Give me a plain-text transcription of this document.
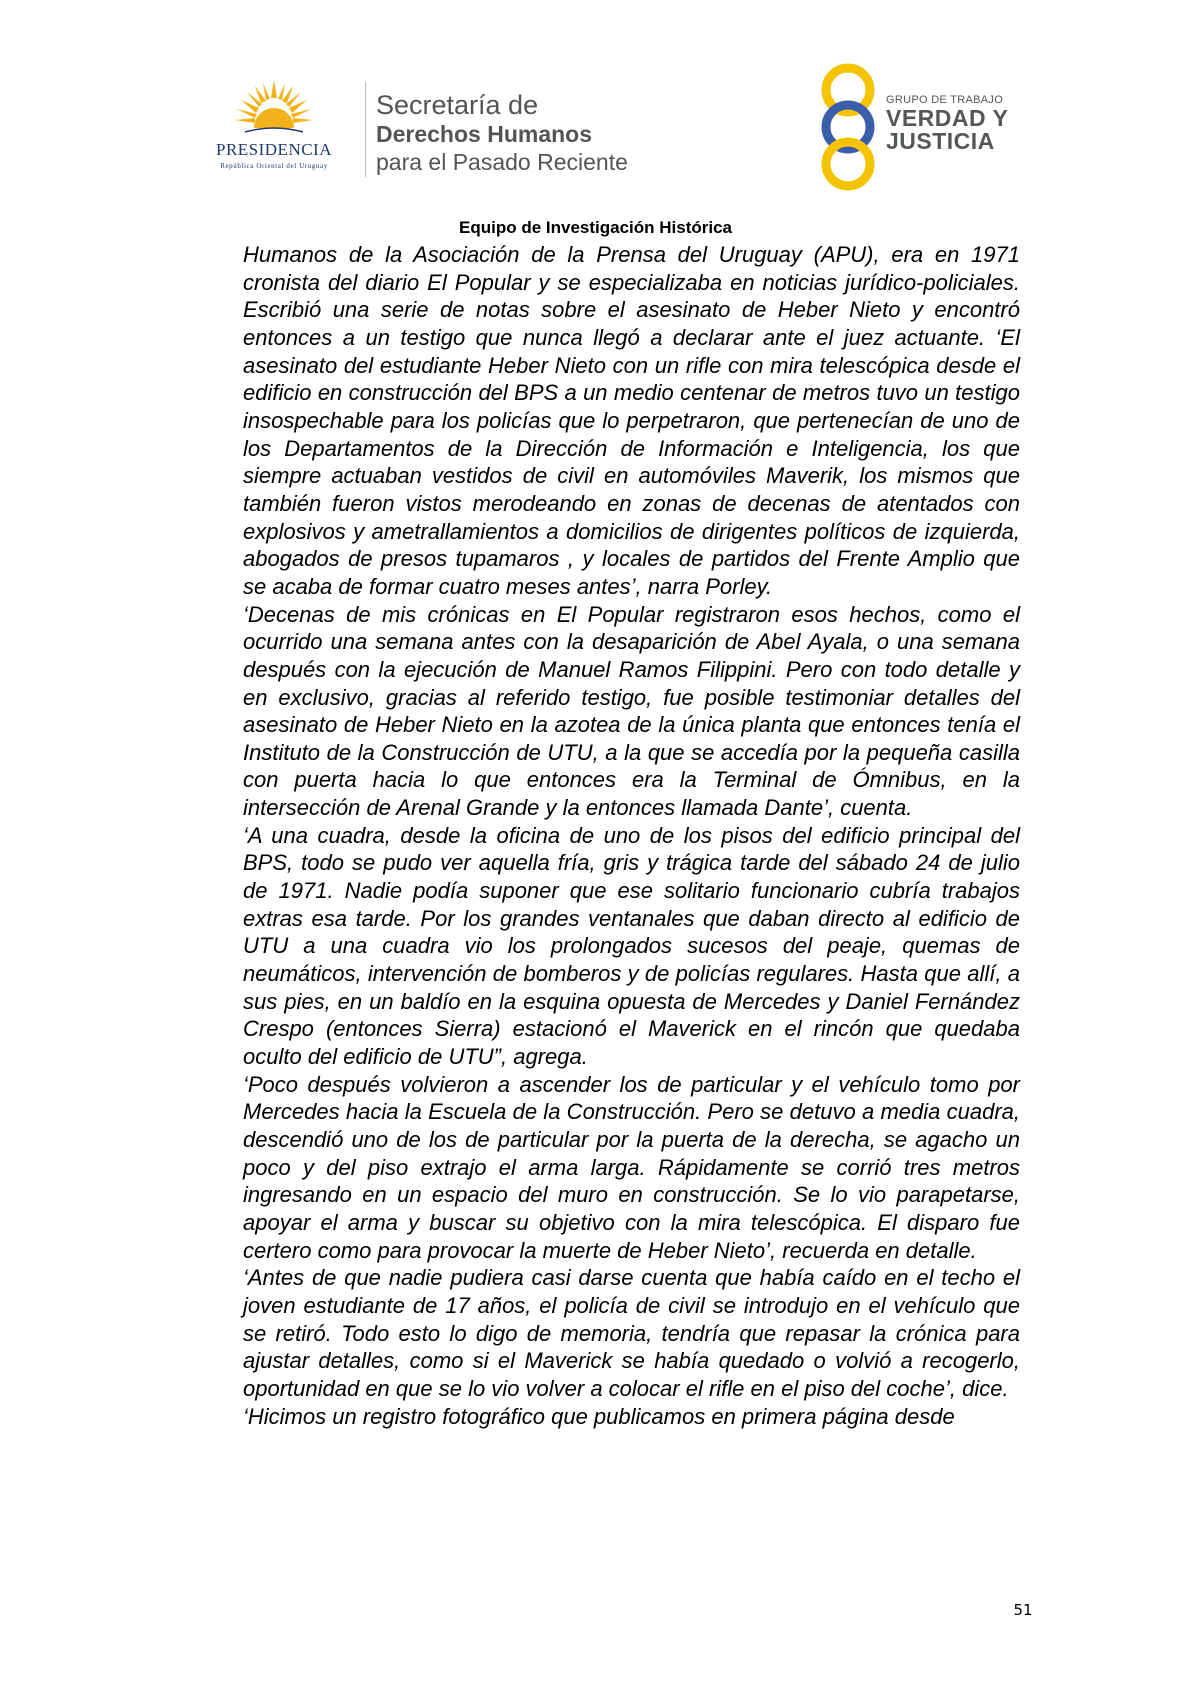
PRESIDENCIA
República Oriental del Uruguay
Secretaría de
Derechos Humanos
para el Pasado Reciente
GRUPO DE TRABAJO
VERDAD Y
JUSTICIA
Equipo de Investigación Histórica

Humanos de la Asociación de la Prensa del Uruguay (APU), era en 1971 cronista del diario El Popular y se especializaba en noticias jurídico-policiales. Escribió una serie de notas sobre el asesinato de Heber Nieto y encontró entonces a un testigo que nunca llegó a declarar ante el juez actuante. ‘El asesinato del estudiante Heber Nieto con un rifle con mira telescópica desde el edificio en construcción del BPS a un medio centenar de metros tuvo un testigo insospechable para los policías que lo perpetraron, que pertenecían de uno de los Departamentos de la Dirección de Información e Inteligencia, los que siempre actuaban vestidos de civil en automóviles Maverik, los mismos que también fueron vistos merodeando en zonas de decenas de atentados con explosivos y ametrallamientos a domicilios de dirigentes políticos de izquierda, abogados de presos tupamaros , y locales de partidos del Frente Amplio que se acaba de formar cuatro meses antes’, narra Porley.

‘Decenas de mis crónicas en El Popular registraron esos hechos, como el ocurrido una semana antes con la desaparición de Abel Ayala, o una semana después con la ejecución de Manuel Ramos Filippini. Pero con todo detalle y en exclusivo, gracias al referido testigo, fue posible testimoniar detalles del asesinato de Heber Nieto en la azotea de la única planta que entonces tenía el Instituto de la Construcción de UTU, a la que se accedía por la pequeña casilla con puerta hacia lo que entonces era la Terminal de Ómnibus, en la intersección de Arenal Grande y la entonces llamada Dante’, cuenta.

‘A una cuadra, desde la oficina de uno de los pisos del edificio principal del BPS, todo se pudo ver aquella fría, gris y trágica tarde del sábado 24 de julio de 1971. Nadie podía suponer que ese solitario funcionario cubría trabajos extras esa tarde. Por los grandes ventanales que daban directo al edificio de UTU a una cuadra vio los prolongados sucesos del peaje, quemas de neumáticos, intervención de bomberos y de policías regulares. Hasta que allí, a sus pies, en un baldío en la esquina opuesta de Mercedes y Daniel Fernández Crespo (entonces Sierra) estacionó el Maverick en el rincón que quedaba oculto del edificio de UTU”, agrega.

‘Poco después volvieron a ascender los de particular y el vehículo tomo por Mercedes hacia la Escuela de la Construcción. Pero se detuvo a media cuadra, descendió uno de los de particular por la puerta de la derecha, se agacho un poco y del piso extrajo el arma larga. Rápidamente se corrió tres metros ingresando en un espacio del muro en construcción. Se lo vio parapetarse, apoyar el arma y buscar su objetivo con la mira telescópica. El disparo fue certero como para provocar la muerte de Heber Nieto’, recuerda en detalle.

‘Antes de que nadie pudiera casi darse cuenta que había caído en el techo el joven estudiante de 17 años, el policía de civil se introdujo en el vehículo que se retiró. Todo esto lo digo de memoria, tendría que repasar la crónica para ajustar detalles, como si el Maverick se había quedado o volvió a recogerlo, oportunidad en que se lo vio volver a colocar el rifle en el piso del coche’, dice.

‘Hicimos un registro fotográfico que publicamos en primera página desde

51
